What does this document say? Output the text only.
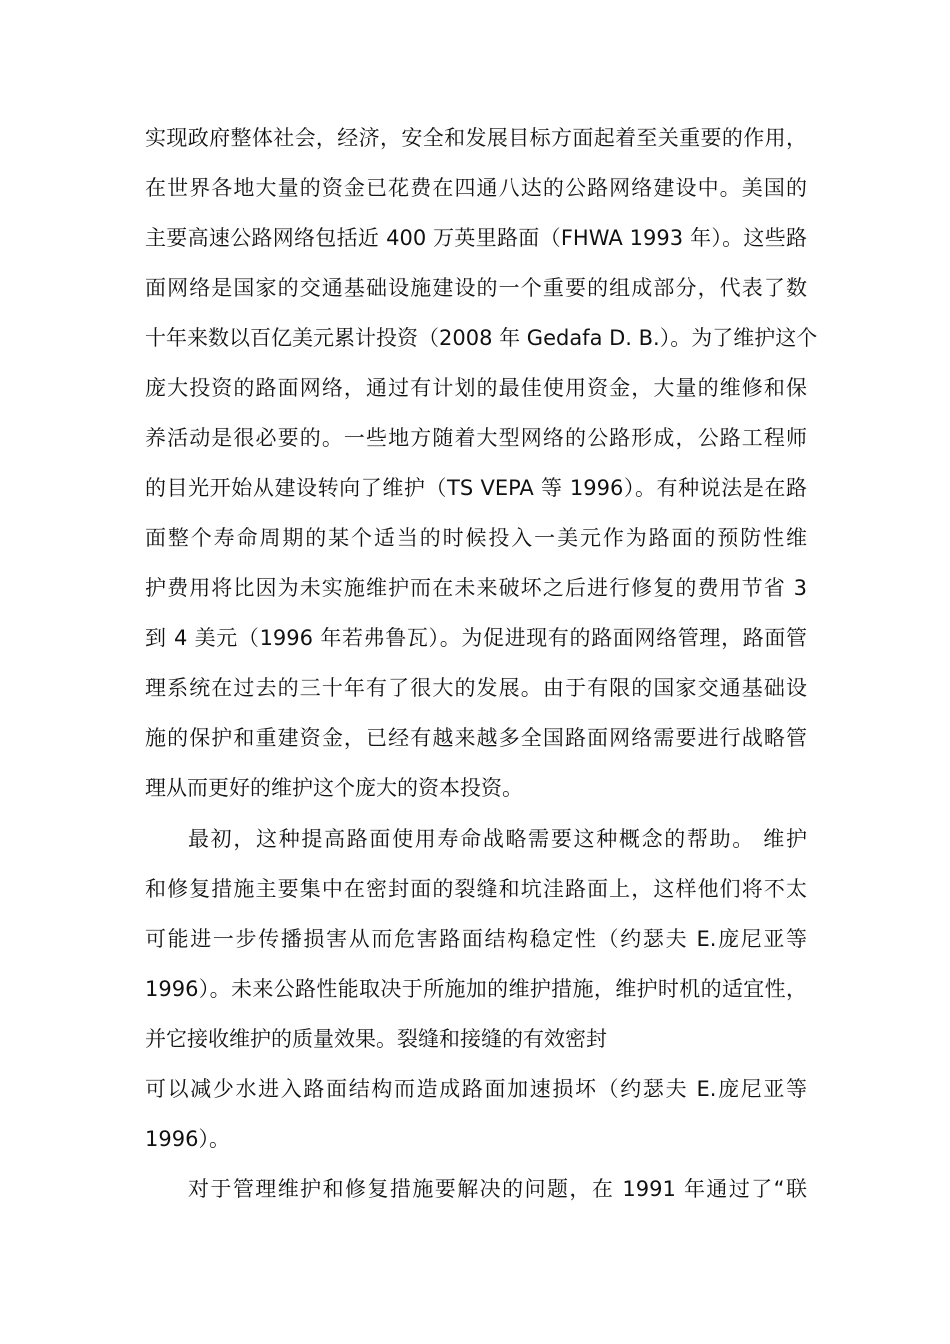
实现政府整体社会，经济，安全和发展目标方面起着至关重要的作用，
在世界各地大量的资金已花费在四通八达的公路网络建设中。美国的
主要高速公路网络包括近 400 万英里路面（FHWA 1993 年）。这些路
面网络是国家的交通基础设施建设的一个重要的组成部分，代表了数
十年来数以百亿美元累计投资（2008 年 Gedafa D. B.）。为了维护这个
庞大投资的路面网络，通过有计划的最佳使用资金，大量的维修和保
养活动是很必要的。一些地方随着大型网络的公路形成，公路工程师
的目光开始从建设转向了维护（TS VEPA 等 1996）。有种说法是在路
面整个寿命周期的某个适当的时候投入一美元作为路面的预防性维
护费用将比因为未实施维护而在未来破坏之后进行修复的费用节省 3
到 4 美元（1996 年若弗鲁瓦）。为促进现有的路面网络管理，路面管
理系统在过去的三十年有了很大的发展。由于有限的国家交通基础设
施的保护和重建资金，已经有越来越多全国路面网络需要进行战略管
理从而更好的维护这个庞大的资本投资。
最初，这种提高路面使用寿命战略需要这种概念的帮助。 维护
和修复措施主要集中在密封面的裂缝和坑洼路面上，这样他们将不太
可能进一步传播损害从而危害路面结构稳定性（约瑟夫 E.庞尼亚等
1996）。未来公路性能取决于所施加的维护措施，维护时机的适宜性，
并它接收维护的质量效果。裂缝和接缝的有效密封
可以减少水进入路面结构而造成路面加速损坏（约瑟夫 E.庞尼亚等
1996）。
对于管理维护和修复措施要解决的问题，在 1991 年通过了“联
